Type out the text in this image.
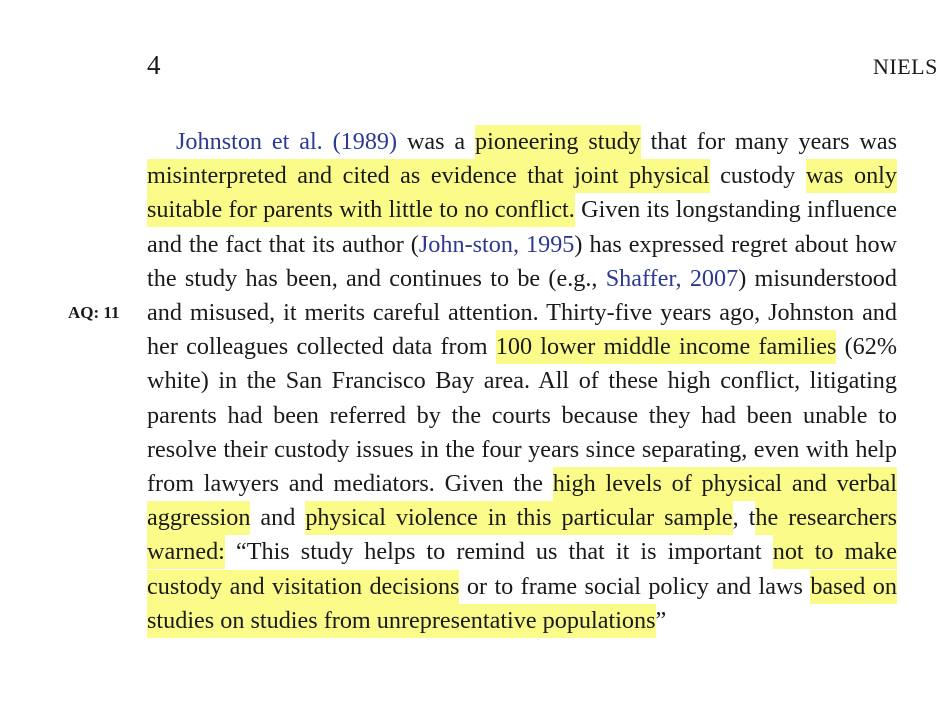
4	NIELS
AQ: 11

Johnston et al. (1989) was a pioneering study that for many years was misinterpreted and cited as evidence that joint physical custody was only suitable for parents with little to no conflict. Given its longstanding influence and the fact that its author (John-ston, 1995) has expressed regret about how the study has been, and continues to be (e.g., Shaffer, 2007) misunderstood and misused, it merits careful attention. Thirty-five years ago, Johnston and her colleagues collected data from 100 lower middle income families (62% white) in the San Francisco Bay area. All of these high conflict, litigating parents had been referred by the courts because they had been unable to resolve their custody issues in the four years since separating, even with help from lawyers and mediators. Given the high levels of physical and verbal aggression and physical violence in this particular sample, the researchers warned: “This study helps to remind us that it is important not to make custody and visitation decisions or to frame social policy and laws based on studies on studies from unrepresentative populations”
